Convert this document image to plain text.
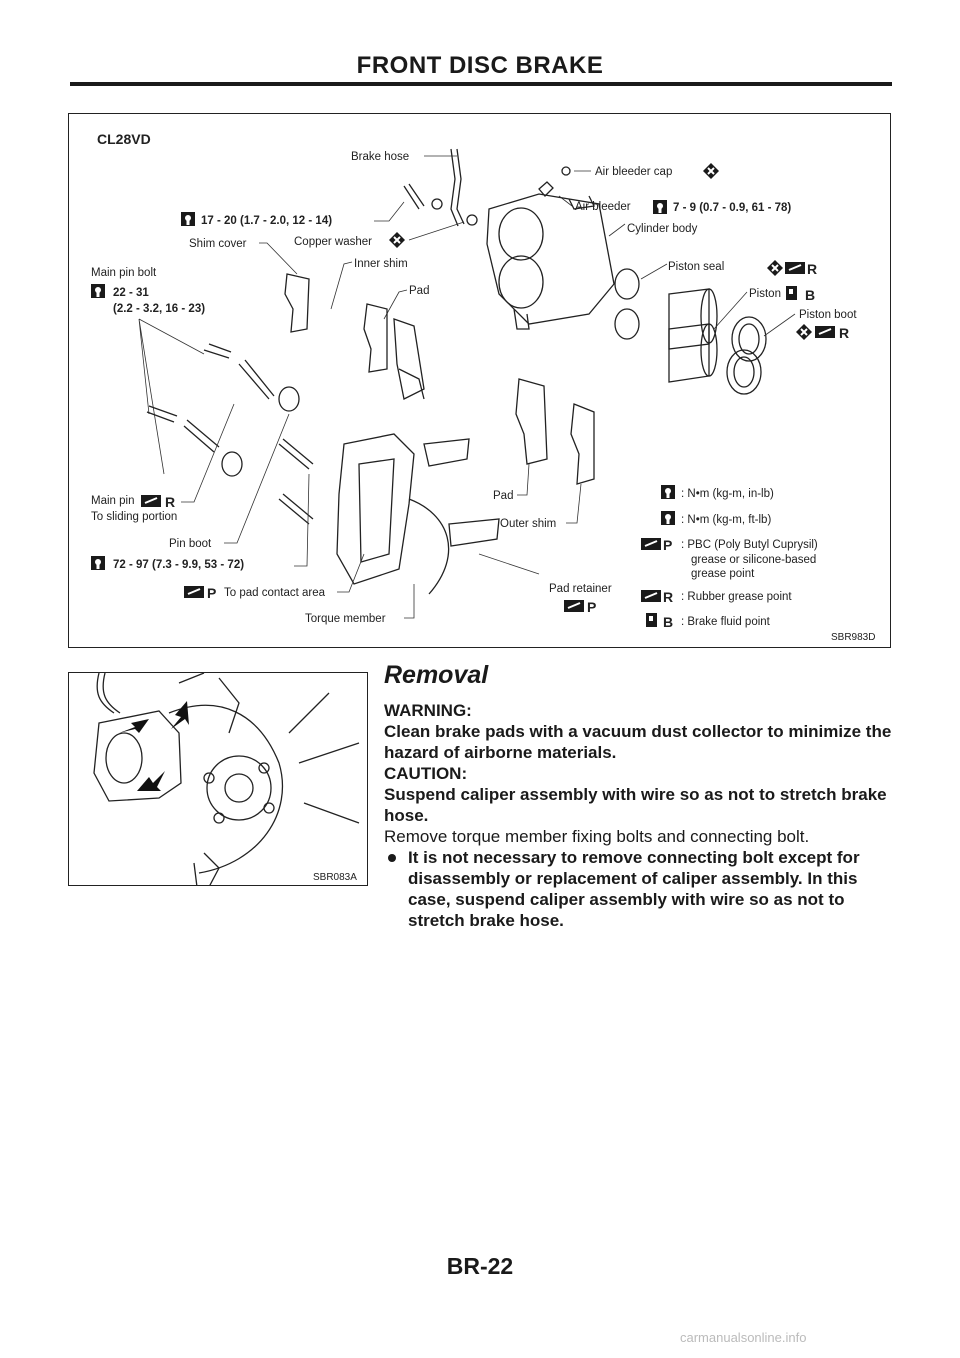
FRONT DISC BRAKE
CL28VD
Brake hose
Air bleeder cap
17 - 20 (1.7 - 2.0, 12 - 14)
Air bleeder	7 - 9 (0.7 - 0.9, 61 - 78)
Shim cover	Copper washer
Cylinder body
Main pin bolt
22 - 31
(2.2 - 3.2, 16 - 23)
Inner shim
Pad
Piston seal	R
Piston B
Piston boot
R
Main pin R
To sliding portion
Pin boot
72 - 97 (7.3 - 9.9, 53 - 72)
P To pad contact area
Torque member
Pad
Outer shim
Pad retainer
P
: N•m (kg-m, in-lb)
: N•m (kg-m, ft-lb)
P : PBC (Poly Butyl Cuprysil)
grease or silicone-based
grease point
R : Rubber grease point
B : Brake fluid point
SBR983D
SBR083A
Removal
WARNING:
Clean brake pads with a vacuum dust collector to minimize the hazard of airborne materials.
CAUTION:
Suspend caliper assembly with wire so as not to stretch brake hose.
Remove torque member fixing bolts and connecting bolt.
It is not necessary to remove connecting bolt except for disassembly or replacement of caliper assembly. In this case, suspend caliper assembly with wire so as not to stretch brake hose.
BR-22
carmanualsonline.info
